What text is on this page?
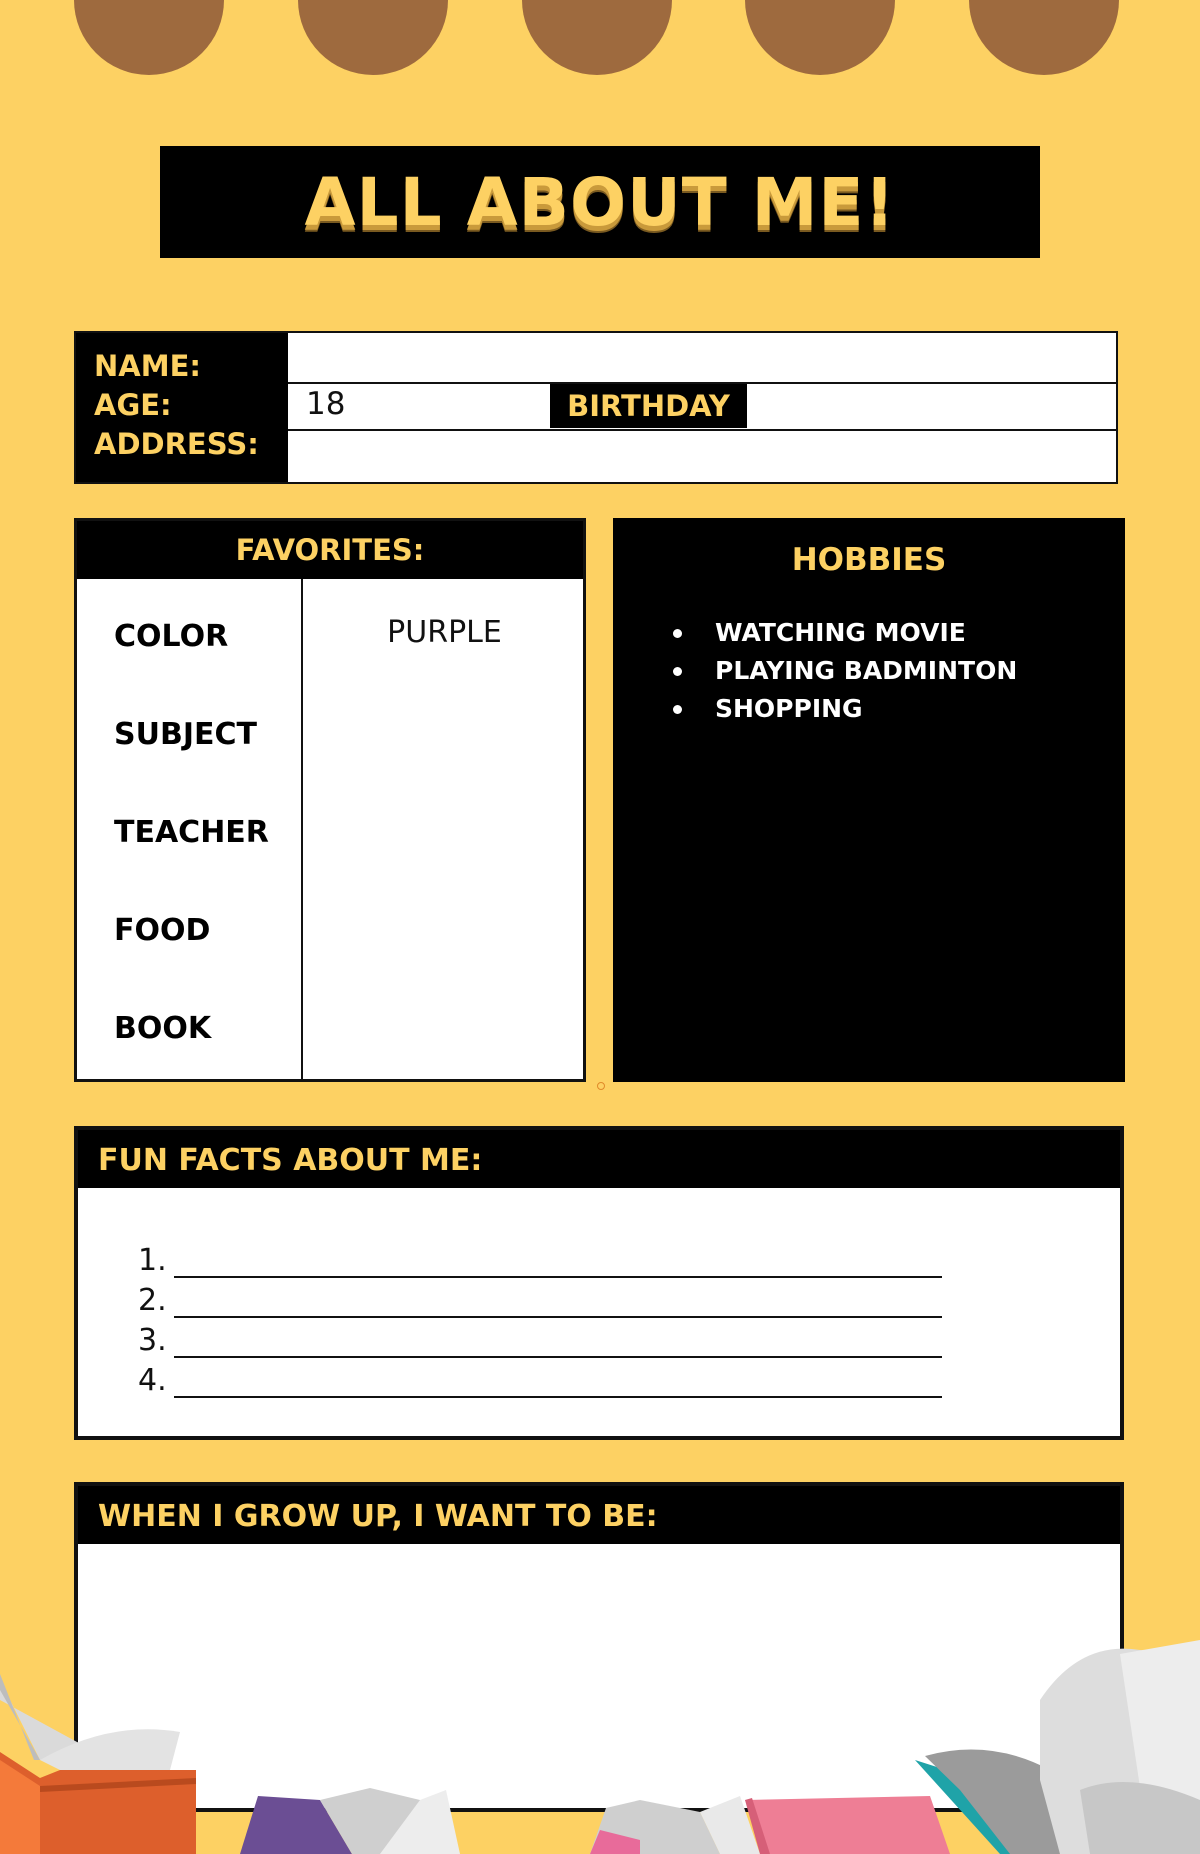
ALL ABOUT ME!
NAME:
AGE:
ADDRESS:
18	BIRTHDAY
FAVORITES:
COLOR	PURPLE
SUBJECT
TEACHER
FOOD
BOOK
HOBBIES
WATCHING MOVIE
PLAYING BADMINTON
SHOPPING
FUN FACTS ABOUT ME:
1.
2.
3.
4.
WHEN I GROW UP, I WANT TO BE:
